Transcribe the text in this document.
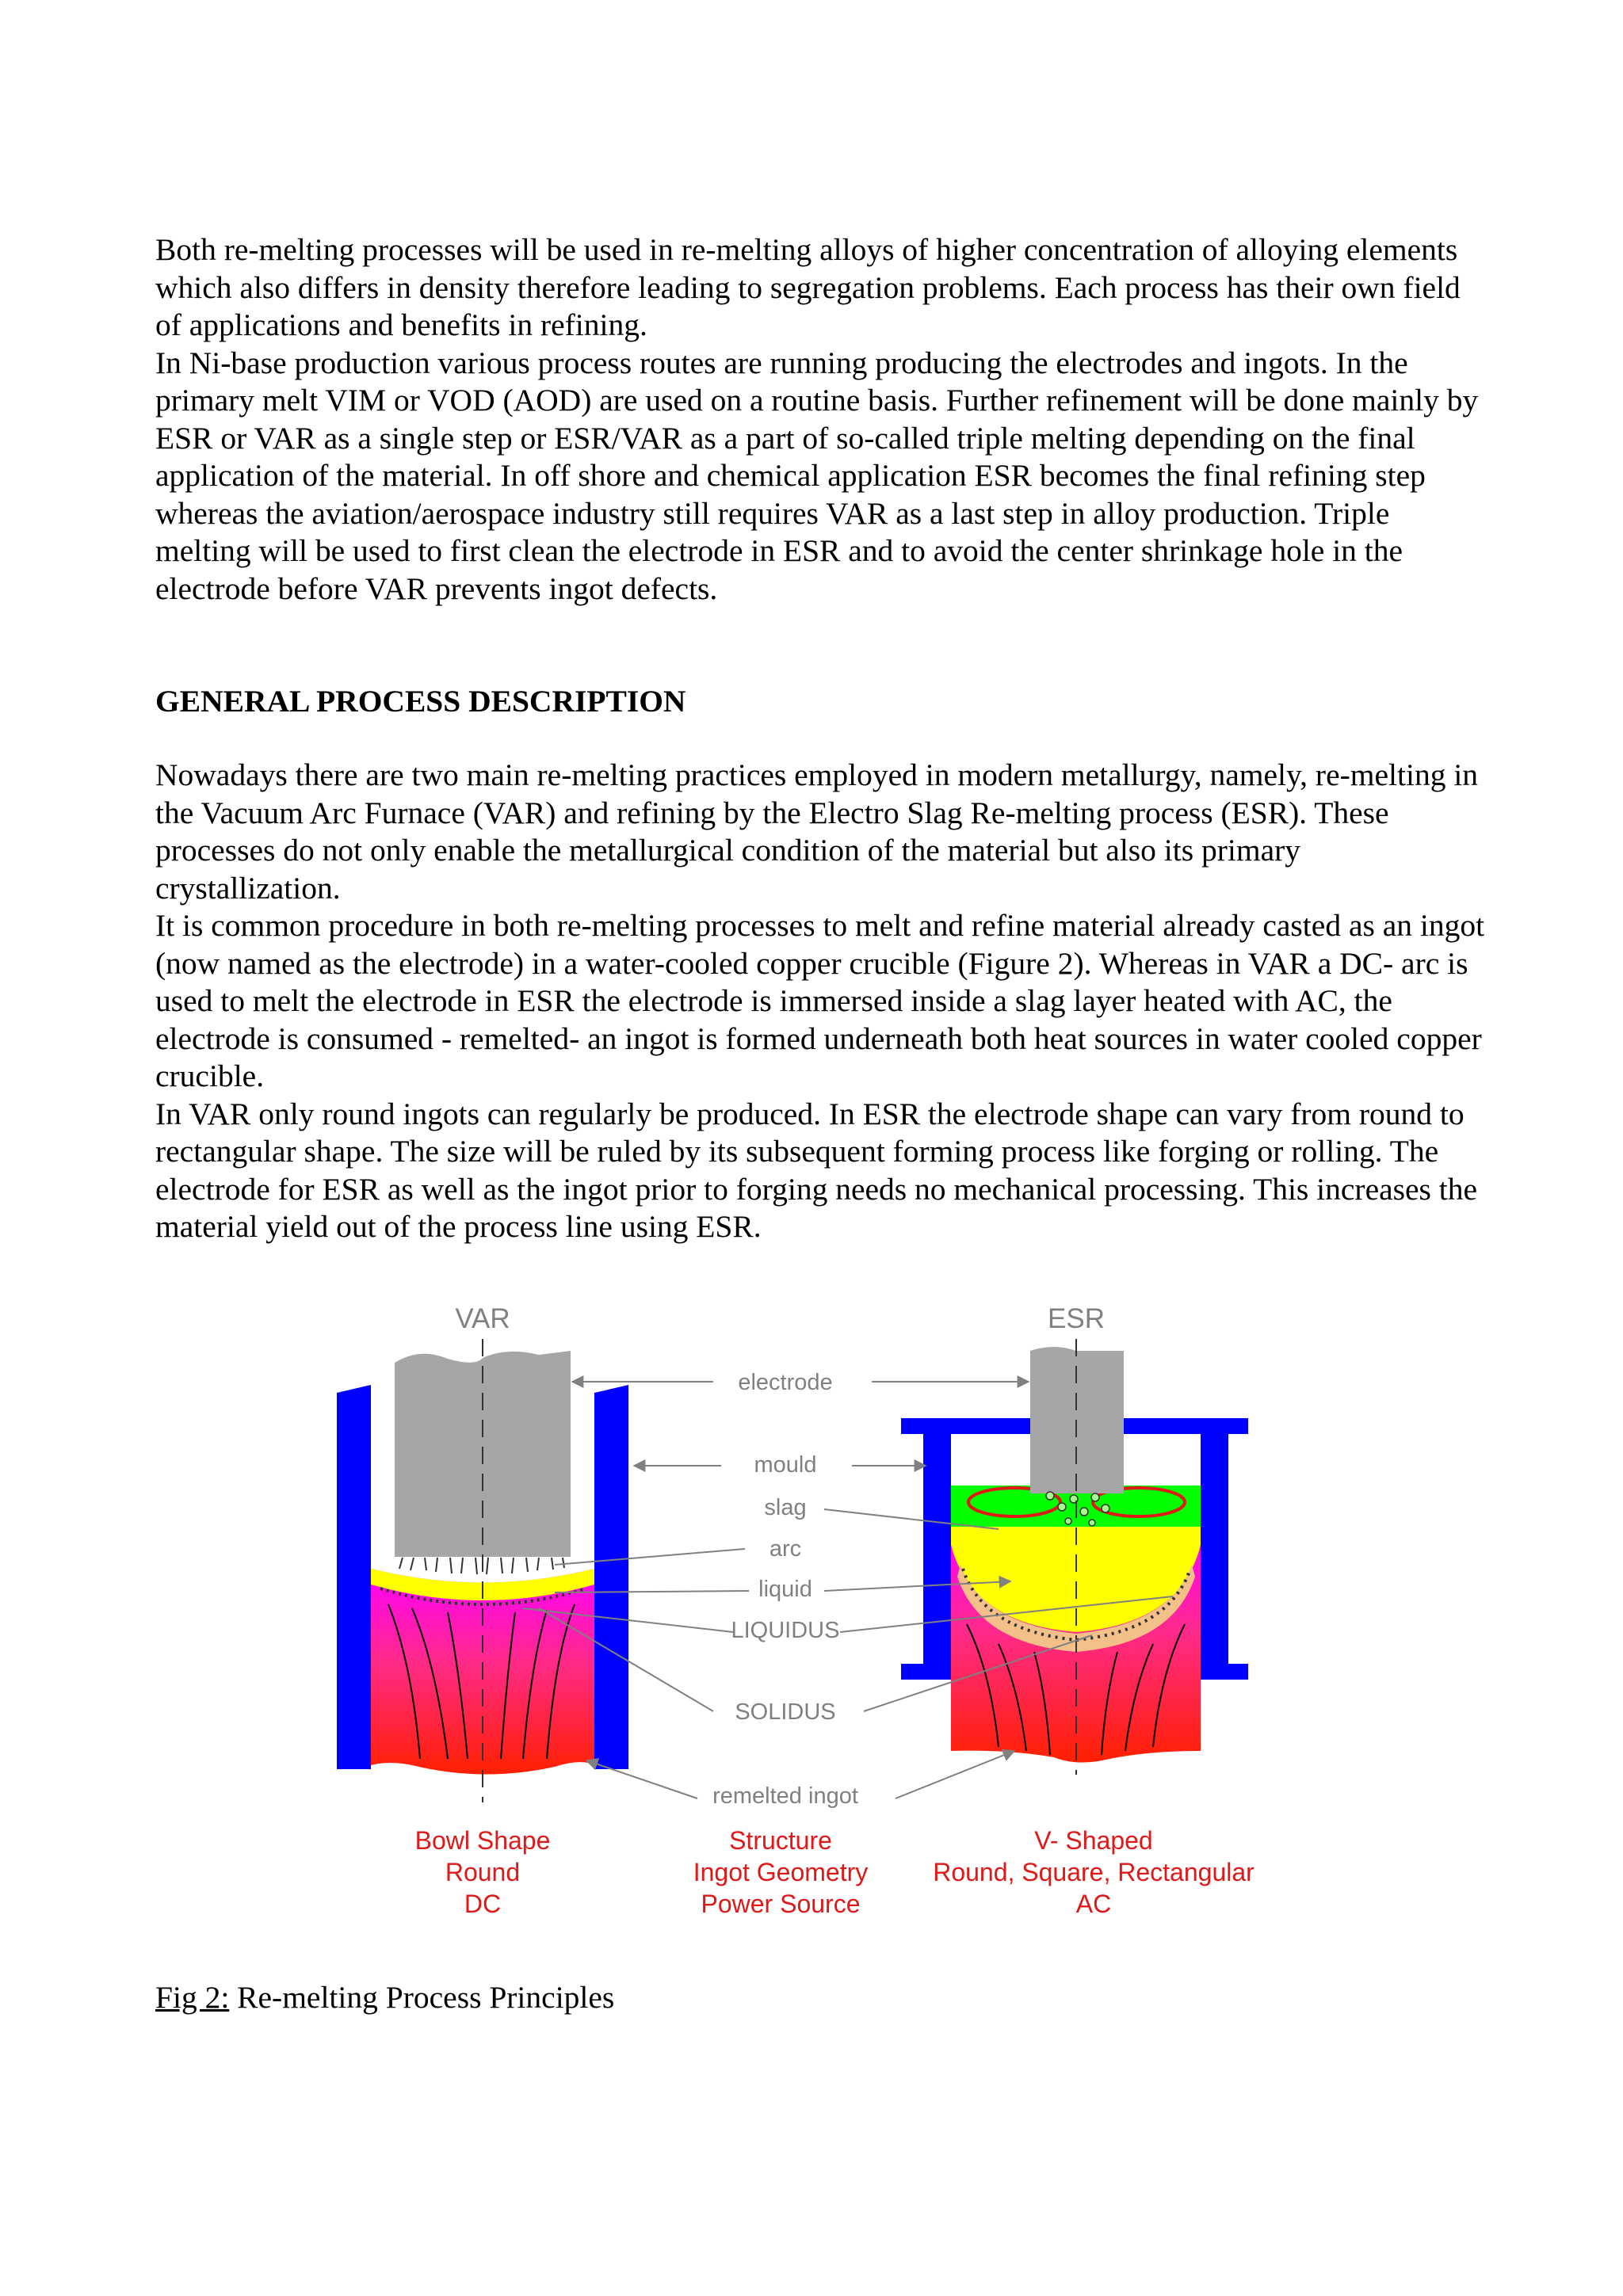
Both re-melting processes will be used in re-melting alloys of higher concentration of alloying elements which also differs in density therefore leading to segregation problems. Each process has their own field of applications and benefits in refining.

In Ni-base production various process routes are running producing the electrodes and ingots. In the primary melt VIM or VOD (AOD) are used on a routine basis. Further refinement will be done mainly by ESR or VAR as a single step or ESR/VAR as a part of so-called triple melting depending on the final application of the material. In off shore and chemical application ESR becomes the final refining step whereas the aviation/aerospace industry still requires VAR as a last step in alloy production. Triple melting will be used to first clean the electrode in ESR and to avoid the center shrinkage hole in the electrode before VAR prevents ingot defects.

GENERAL PROCESS DESCRIPTION

Nowadays there are two main re-melting practices employed in modern metallurgy, namely, re-melting in the Vacuum Arc Furnace (VAR) and refining by the Electro Slag Re-melting process (ESR). These processes do not only enable the metallurgical condition of the material but also its primary crystallization.

It is common procedure in both re-melting processes to melt and refine material already casted as an ingot (now named as the electrode) in a water-cooled copper crucible (Figure 2). Whereas in VAR a DC- arc is used to melt the electrode in ESR the electrode is immersed inside a slag layer heated with AC, the electrode is consumed - remelted- an ingot is formed underneath both heat sources in water cooled copper crucible.

In VAR only round ingots can regularly be produced. In ESR the electrode shape can vary from round to rectangular shape. The size will be ruled by its subsequent forming process like forging or rolling. The electrode for ESR as well as the ingot prior to forging needs no mechanical processing. This increases the material yield out of the process line using ESR.

VAR	ESR
electrode
mould
slag
arc
liquid
LIQUIDUS
SOLIDUS
remelted ingot
Bowl Shape
Round
DC
Structure
Ingot Geometry
Power Source
V- Shaped
Round, Square, Rectangular
AC
Fig 2: Re-melting Process Principles
